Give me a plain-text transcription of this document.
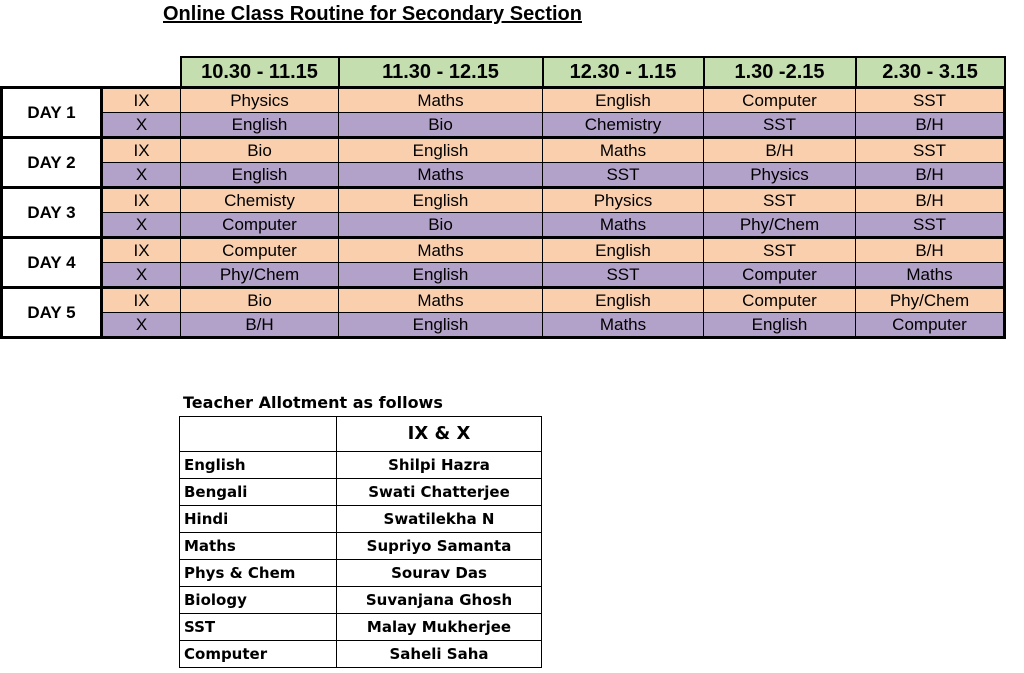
Online Class Routine for Secondary Section
		10.30 - 11.15	11.30 - 12.15	12.30 - 1.15	1.30 -2.15	2.30 - 3.15
DAY 1	IX	Physics	Maths	English	Computer	SST
	X	English	Bio	Chemistry	SST	B/H
DAY 2	IX	Bio	English	Maths	B/H	SST
	X	English	Maths	SST	Physics	B/H
DAY 3	IX	Chemisty	English	Physics	SST	B/H
	X	Computer	Bio	Maths	Phy/Chem	SST
DAY 4	IX	Computer	Maths	English	SST	B/H
	X	Phy/Chem	English	SST	Computer	Maths
DAY 5	IX	Bio	Maths	English	Computer	Phy/Chem
	X	B/H	English	Maths	English	Computer
Teacher Allotment as follows
	IX & X
English	Shilpi Hazra
Bengali	Swati Chatterjee
Hindi	Swatilekha N
Maths	Supriyo Samanta
Phys & Chem	Sourav Das
Biology	Suvanjana Ghosh
SST	Malay Mukherjee
Computer	Saheli Saha
